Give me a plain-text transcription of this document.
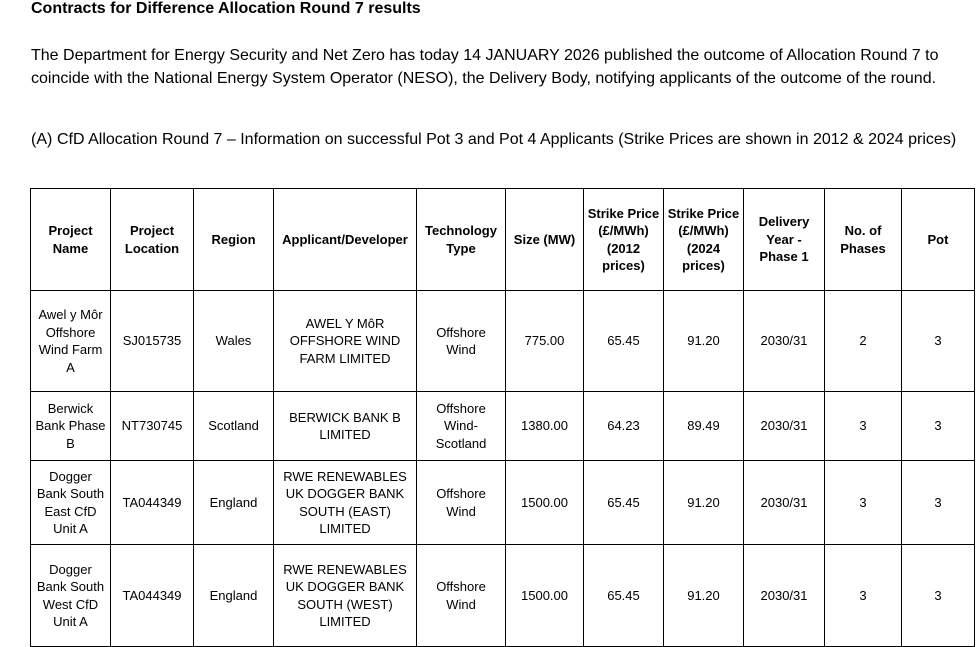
Contracts for Difference Allocation Round 7 results
The Department for Energy Security and Net Zero has today 14 JANUARY 2026 published the outcome of Allocation Round 7 to coincide with the National Energy System Operator (NESO), the Delivery Body, notifying applicants of the outcome of the round.
(A) CfD Allocation Round 7 – Information on successful Pot 3 and Pot 4 Applicants (Strike Prices are shown in 2012 & 2024 prices)
Project Name	Project Location	Region	Applicant/Developer	Technology Type	Size (MW)	Strike Price (£/MWh) (2012 prices)	Strike Price (£/MWh) (2024 prices)	Delivery Year - Phase 1	No. of Phases	Pot
Awel y Môr Offshore Wind Farm A	SJ015735	Wales	AWEL Y MôR OFFSHORE WIND FARM LIMITED	Offshore Wind	775.00	65.45	91.20	2030/31	2	3
Berwick Bank Phase B	NT730745	Scotland	BERWICK BANK B LIMITED	Offshore Wind-Scotland	1380.00	64.23	89.49	2030/31	3	3
Dogger Bank South East CfD Unit A	TA044349	England	RWE RENEWABLES UK DOGGER BANK SOUTH (EAST) LIMITED	Offshore Wind	1500.00	65.45	91.20	2030/31	3	3
Dogger Bank South West CfD Unit A	TA044349	England	RWE RENEWABLES UK DOGGER BANK SOUTH (WEST) LIMITED	Offshore Wind	1500.00	65.45	91.20	2030/31	3	3
